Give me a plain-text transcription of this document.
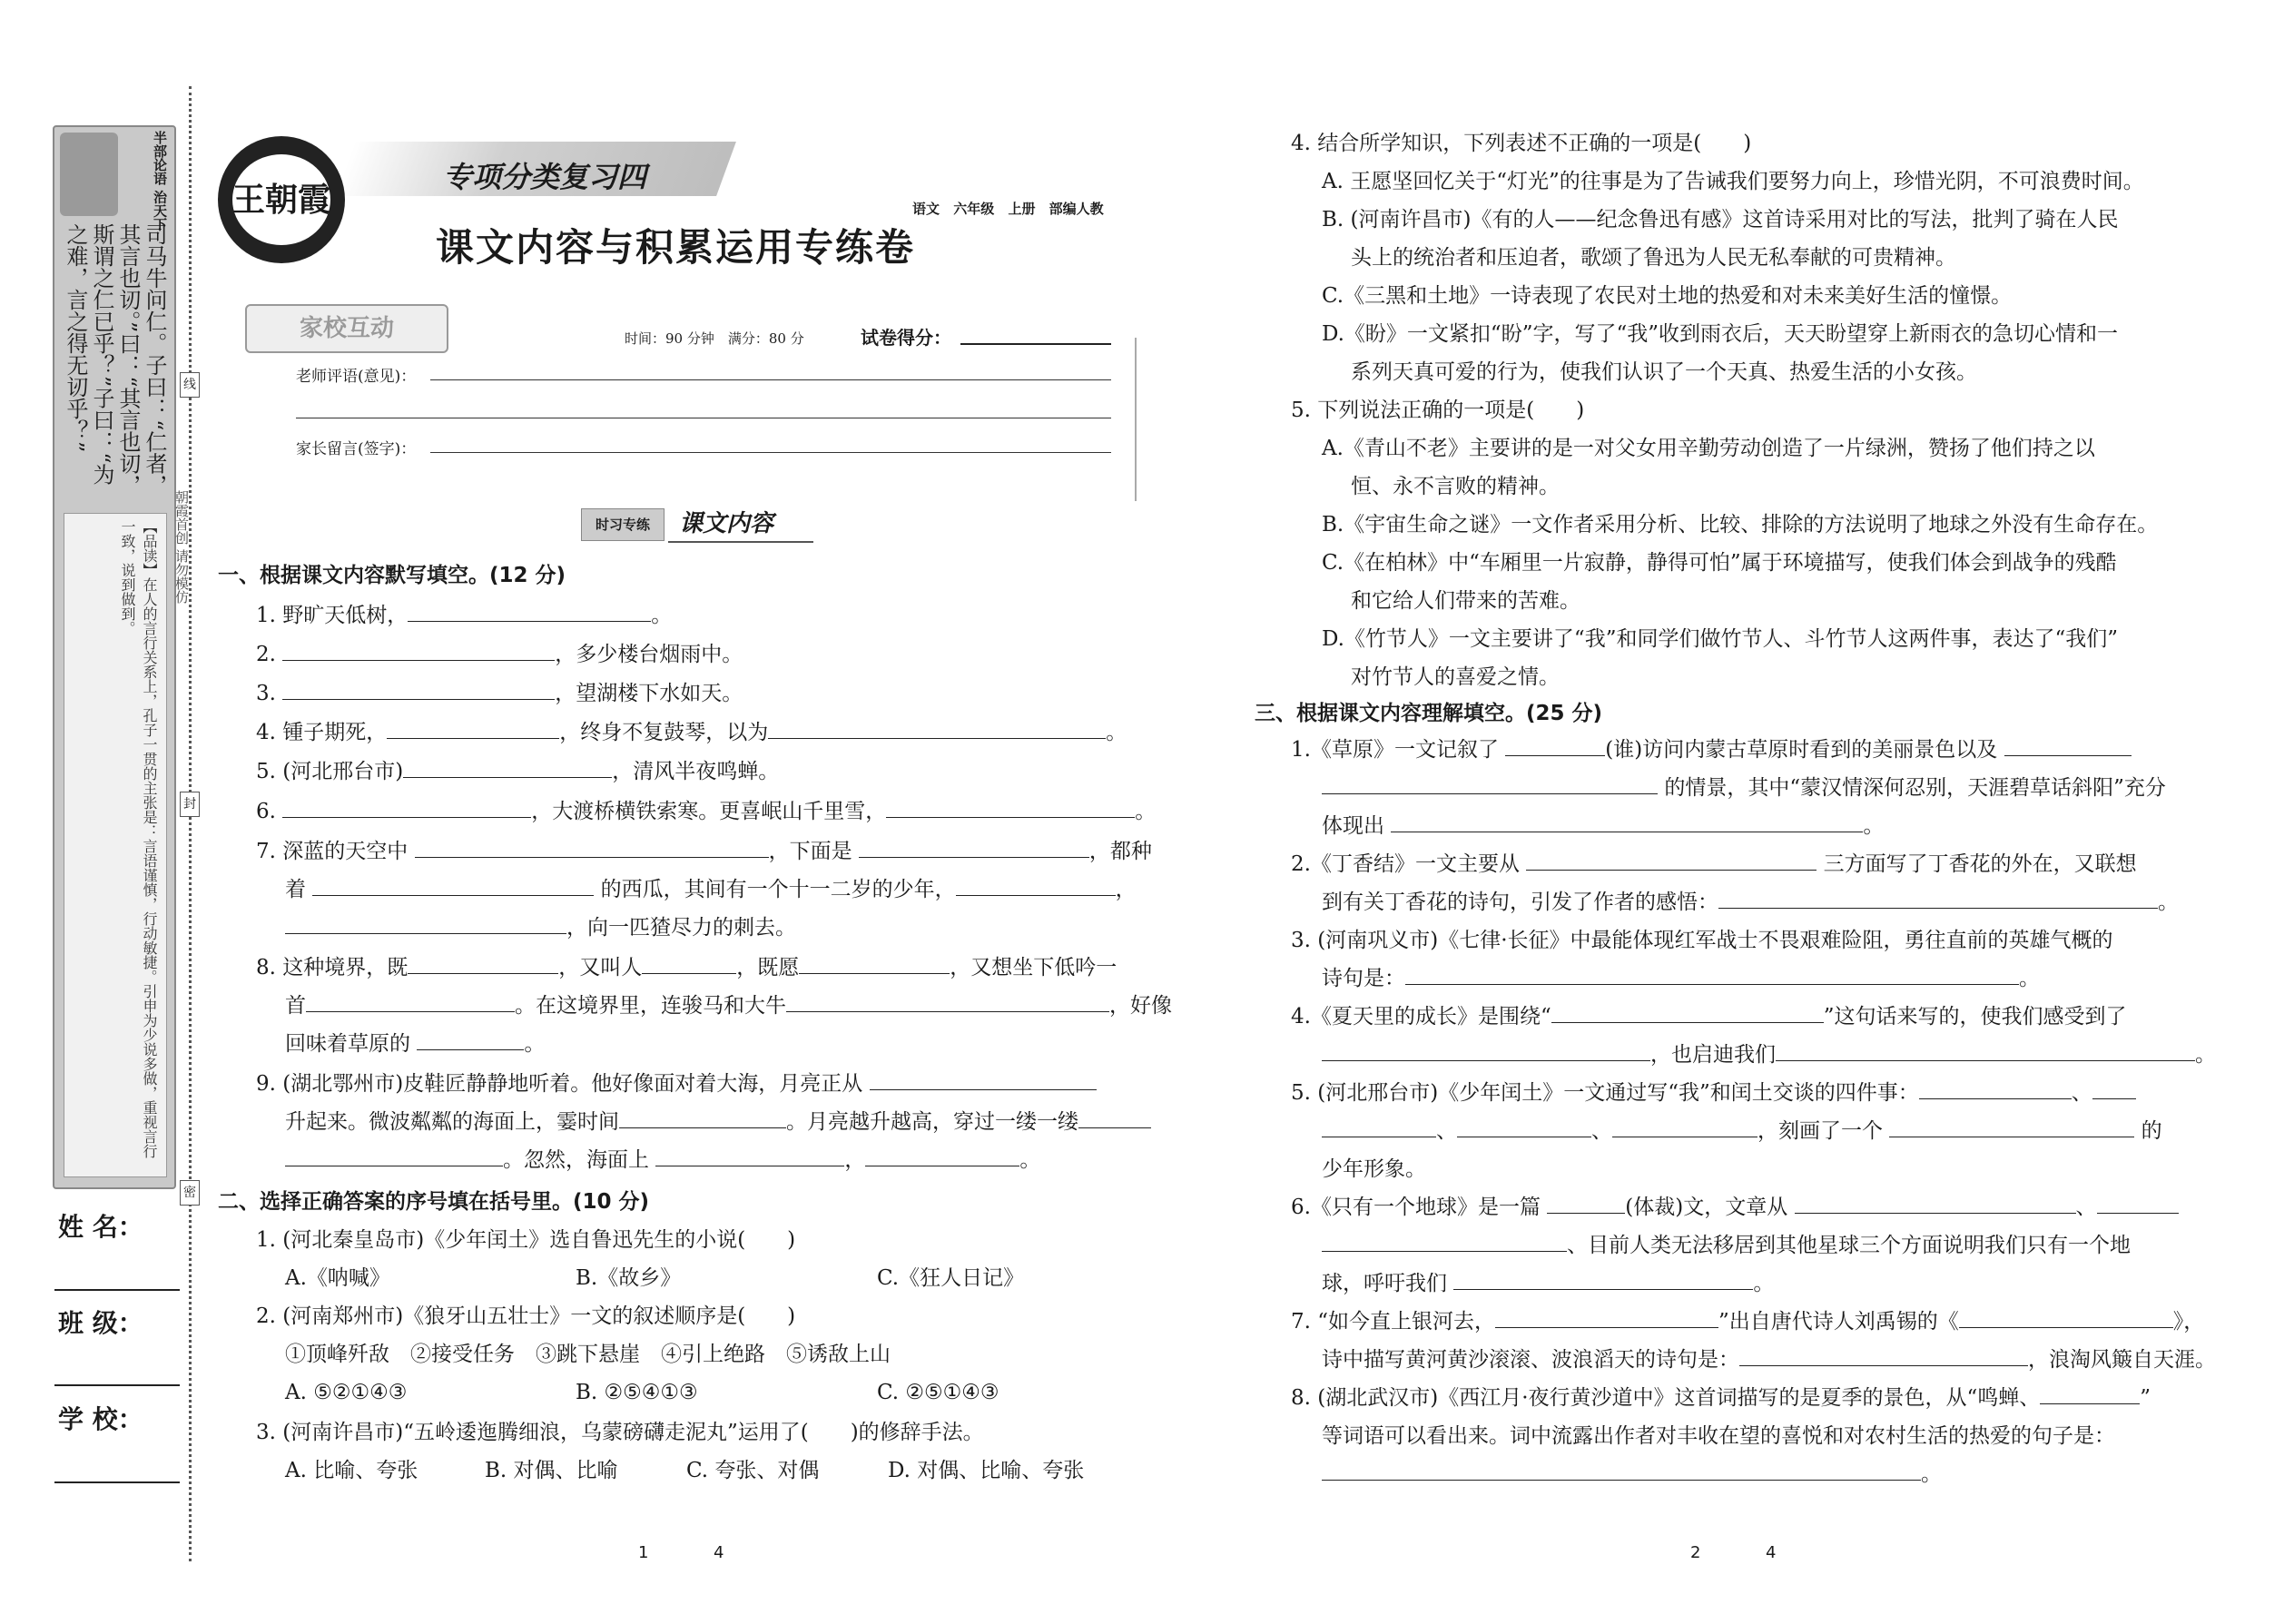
半部论语 治天下
司马牛问仁。子曰：“仁者，其言也讱。”曰：“其言也讱，斯谓之仁已乎？”子曰：“为之难，言之得无讱乎？”
【品读】在人的言行关系上，孔子一贯的主张是：言语谨慎，行动敏捷。引申为少说多做，重视言行一致，说到做到。
线
封
密
朝霞首创 请勿模仿
姓 名：
班 级：
学 校：
王朝霞
专项分类复习四
课文内容与积累运用专练卷
语文 六年级 上册 部编人教
家校互动	时间：90 分钟　满分：80 分	试卷得分：
老师评语(意见)：
家长留言(签字)：
时习专练	课文内容
一、根据课文内容默写填空。(12 分)
1. 野旷天低树，	。
2.	，多少楼台烟雨中。
3.	，望湖楼下水如天。
4. 锺子期死，	，终身不复鼓琴，以为	。
5. (河北邢台市)	，清风半夜鸣蝉。
6.	，大渡桥横铁索寒。更喜岷山千里雪，	。
7. 深蓝的天空中	，下面是	，都种
着	的西瓜，其间有一个十一二岁的少年，	，
，向一匹猹尽力的刺去。
8. 这种境界，既	，又叫人	，既愿	，又想坐下低吟一
首	。在这境界里，连骏马和大牛	，好像
回味着草原的	。
9. (湖北鄂州市)皮鞋匠静静地听着。他好像面对着大海，月亮正从
升起来。微波粼粼的海面上，霎时间	。月亮越升越高，穿过一缕一缕
。忽然，海面上	，	。
二、选择正确答案的序号填在括号里。(10 分)
1. (河北秦皇岛市)《少年闰土》选自鲁迅先生的小说(　　)
A.《呐喊》	B.《故乡》	C.《狂人日记》
2. (河南郑州市)《狼牙山五壮士》一文的叙述顺序是(　　)
①顶峰歼敌　②接受任务　③跳下悬崖　④引上绝路　⑤诱敌上山
A. ⑤②①④③	B. ②⑤④①③	C. ②⑤①④③
3. (河南许昌市)“五岭逶迤腾细浪，乌蒙磅礴走泥丸”运用了(　　)的修辞手法。
A. 比喻、夸张	B. 对偶、比喻	C. 夸张、对偶	D. 对偶、比喻、夸张
1	4
4. 结合所学知识，下列表述不正确的一项是(　　)
A. 王愿坚回忆关于“灯光”的往事是为了告诫我们要努力向上，珍惜光阴，不可浪费时间。
B. (河南许昌市)《有的人——纪念鲁迅有感》这首诗采用对比的写法，批判了骑在人民
头上的统治者和压迫者，歌颂了鲁迅为人民无私奉献的可贵精神。
C.《三黑和土地》一诗表现了农民对土地的热爱和对未来美好生活的憧憬。
D.《盼》一文紧扣“盼”字，写了“我”收到雨衣后，天天盼望穿上新雨衣的急切心情和一
系列天真可爱的行为，使我们认识了一个天真、热爱生活的小女孩。
5. 下列说法正确的一项是(　　)
A.《青山不老》主要讲的是一对父女用辛勤劳动创造了一片绿洲，赞扬了他们持之以
恒、永不言败的精神。
B.《宇宙生命之谜》一文作者采用分析、比较、排除的方法说明了地球之外没有生命存在。
C.《在柏林》中“车厢里一片寂静，静得可怕”属于环境描写，使我们体会到战争的残酷
和它给人们带来的苦难。
D.《竹节人》一文主要讲了“我”和同学们做竹节人、斗竹节人这两件事，表达了“我们”
对竹节人的喜爱之情。
三、根据课文内容理解填空。(25 分)
1.《草原》一文记叙了	(谁)访问内蒙古草原时看到的美丽景色以及
的情景，其中“蒙汉情深何忍别，天涯碧草话斜阳”充分
体现出	。
2.《丁香结》一文主要从	三方面写了丁香花的外在，又联想
到有关丁香花的诗句，引发了作者的感悟：	。
3. (河南巩义市)《七律·长征》中最能体现红军战士不畏艰难险阻，勇往直前的英雄气概的
诗句是：	。
4.《夏天里的成长》是围绕“	”这句话来写的，使我们感受到了
，也启迪我们	。
5. (河北邢台市)《少年闰土》一文通过写“我”和闰土交谈的四件事：	、
、	、	，刻画了一个	的
少年形象。
6.《只有一个地球》是一篇	(体裁)文，文章从	、
、目前人类无法移居到其他星球三个方面说明我们只有一个地
球，呼吁我们	。
7. “如今直上银河去，	”出自唐代诗人刘禹锡的《	》，
诗中描写黄河黄沙滚滚、波浪滔天的诗句是：	，浪淘风簸自天涯。
8. (湖北武汉市)《西江月·夜行黄沙道中》这首词描写的是夏季的景色，从“鸣蝉、	”
等词语可以看出来。词中流露出作者对丰收在望的喜悦和对农村生活的热爱的句子是：
。
2	4
